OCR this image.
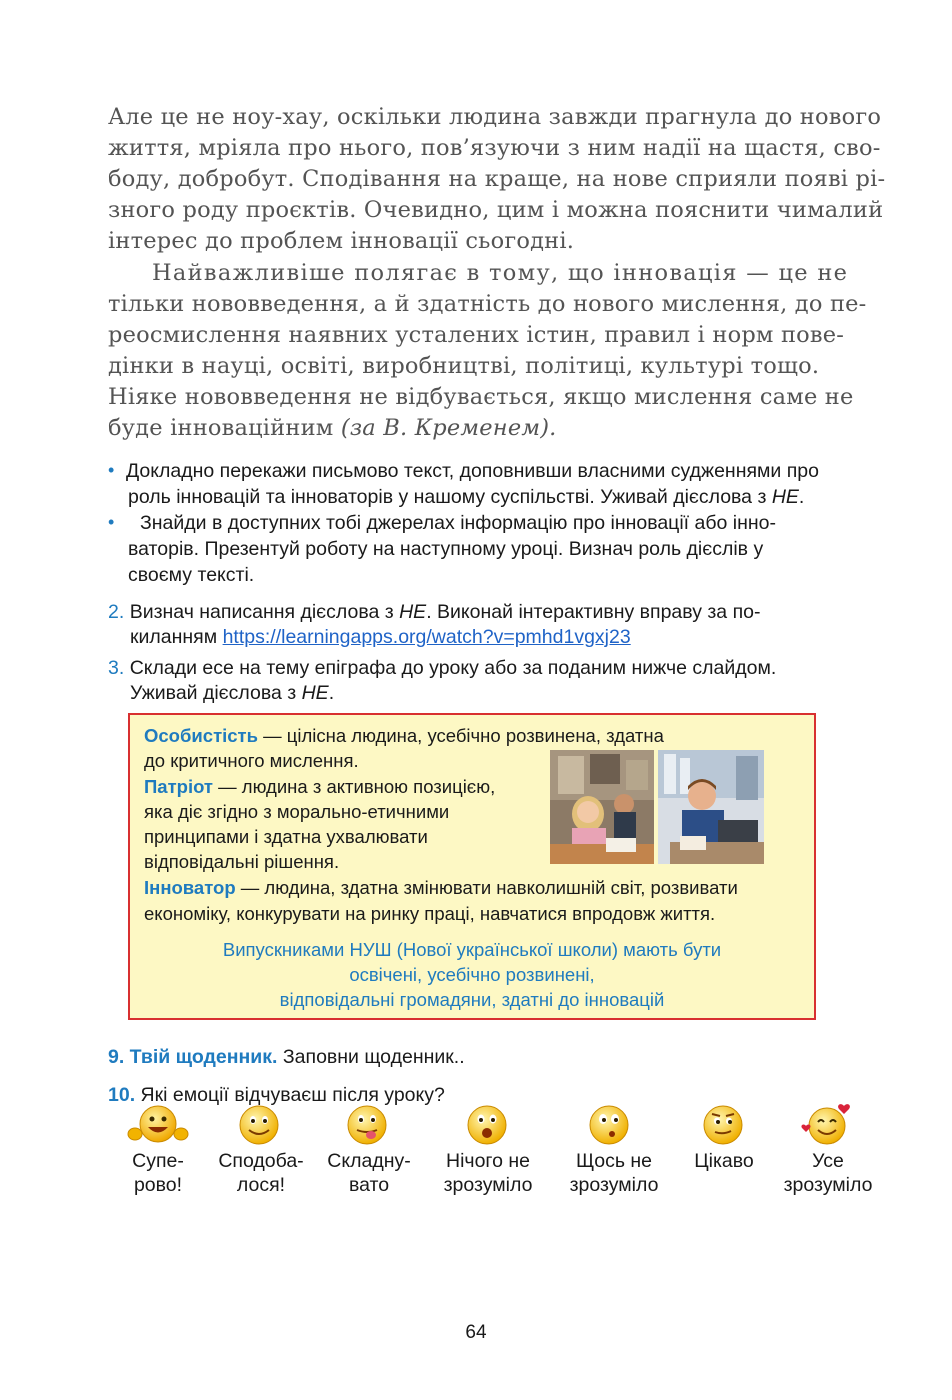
Але це не ноу-хау, оскільки людина завжди прагнула до нового
життя, мріяла про нього, пов’язуючи з ним надії на щастя, сво-
боду, добробут. Сподівання на краще, на нове сприяли появі рі-
зного роду проєктів. Очевидно, цим і можна пояснити чималий
інтерес до проблем інновації сьогодні.
Найважливіше полягає в тому, що інновація — це не
тільки нововведення, а й здатність до нового мислення, до пе-
реосмислення наявних усталених істин, правил і норм пове-
дінки в науці, освіті, виробництві, політиці, культурі тощо.
Ніяке нововведення не відбувається, якщо мислення саме не
буде інноваційним (за В. Кременем).
• Докладно перекажи письмово текст, доповнивши власними судженнями про
роль інновацій та інноваторів у нашому суспільстві. Уживай дієслова з НЕ.
• Знайди в доступних тобі джерелах інформацію про інновації або інно-
ваторів. Презентуй роботу на наступному уроці. Визнач роль дієслів у
своєму тексті.
2. Визнач написання дієслова з НЕ. Виконай інтерактивну вправу за по-
киланням https://learningapps.org/watch?v=pmhd1vgxj23
3. Склади есе на тему епіграфа до уроку або за поданим нижче слайдом.
Уживай дієслова з НЕ.
Особистість — цілісна людина, усебічно розвинена, здатна
до критичного мислення.
Патріот — людина з активною позицією,
яка діє згідно з морально-етичними
принципами і здатна ухвалювати
відповідальні рішення.
Інноватор — людина, здатна змінювати навколишній світ, розвивати
економіку, конкурувати на ринку праці, навчатися впродовж життя.
Випускниками НУШ (Нової української школи) мають бути
освічені, усебічно розвинені,
відповідальні громадяни, здатні до інновацій
9. Твій щоденник. Заповни щоденник..
10. Які емоції відчуваєш після уроку?
Супе-
рово!
Сподоба-
лося!
Складну-
вато
Нічого не
зрозуміло
Щось не
зрозуміло
Цікаво	Усе
зрозуміло
64
